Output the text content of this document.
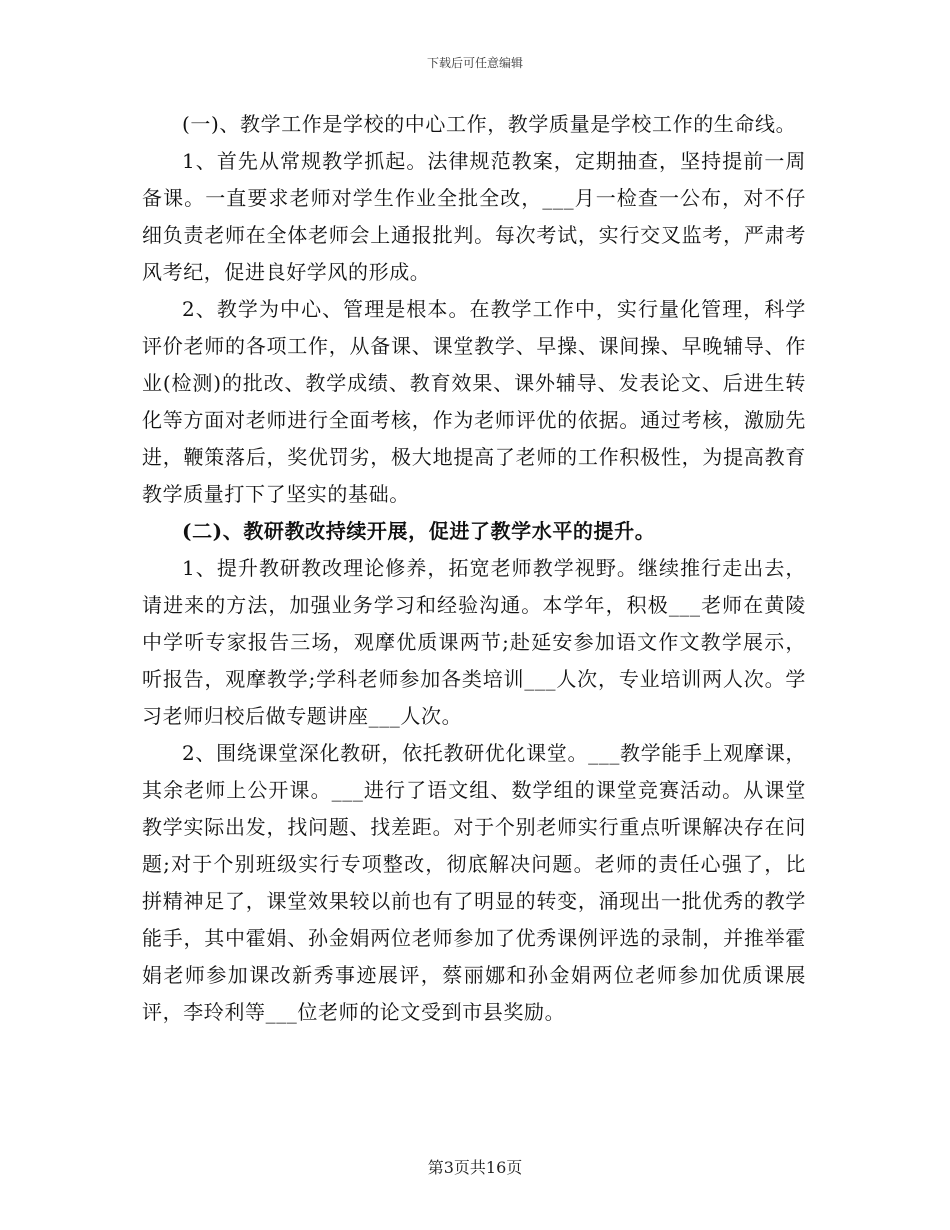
下载后可任意编辑

(一)、教学工作是学校的中心工作，教学质量是学校工作的生命线。

1、首先从常规教学抓起。法律规范教案，定期抽查，坚持提前一周备课。一直要求老师对学生作业全批全改，___月一检查一公布，对不仔细负责老师在全体老师会上通报批判。每次考试，实行交叉监考，严肃考风考纪，促进良好学风的形成。

2、教学为中心、管理是根本。在教学工作中，实行量化管理，科学评价老师的各项工作，从备课、课堂教学、早操、课间操、早晚辅导、作业(检测)的批改、教学成绩、教育效果、课外辅导、发表论文、后进生转化等方面对老师进行全面考核，作为老师评优的依据。通过考核，激励先进，鞭策落后，奖优罚劣，极大地提高了老师的工作积极性，为提高教育教学质量打下了坚实的基础。

(二)、教研教改持续开展，促进了教学水平的提升。

1、提升教研教改理论修养，拓宽老师教学视野。继续推行走出去，请进来的方法，加强业务学习和经验沟通。本学年，积极___老师在黄陵中学听专家报告三场，观摩优质课两节;赴延安参加语文作文教学展示，听报告，观摩教学;学科老师参加各类培训___人次，专业培训两人次。学习老师归校后做专题讲座___人次。

2、围绕课堂深化教研，依托教研优化课堂。___教学能手上观摩课，其余老师上公开课。___进行了语文组、数学组的课堂竞赛活动。从课堂教学实际出发，找问题、找差距。对于个别老师实行重点听课解决存在问题;对于个别班级实行专项整改，彻底解决问题。老师的责任心强了，比拼精神足了，课堂效果较以前也有了明显的转变，涌现出一批优秀的教学能手，其中霍娟、孙金娟两位老师参加了优秀课例评选的录制，并推举霍娟老师参加课改新秀事迹展评，蔡丽娜和孙金娟两位老师参加优质课展评，李玲利等___位老师的论文受到市县奖励。

第3页共16页
